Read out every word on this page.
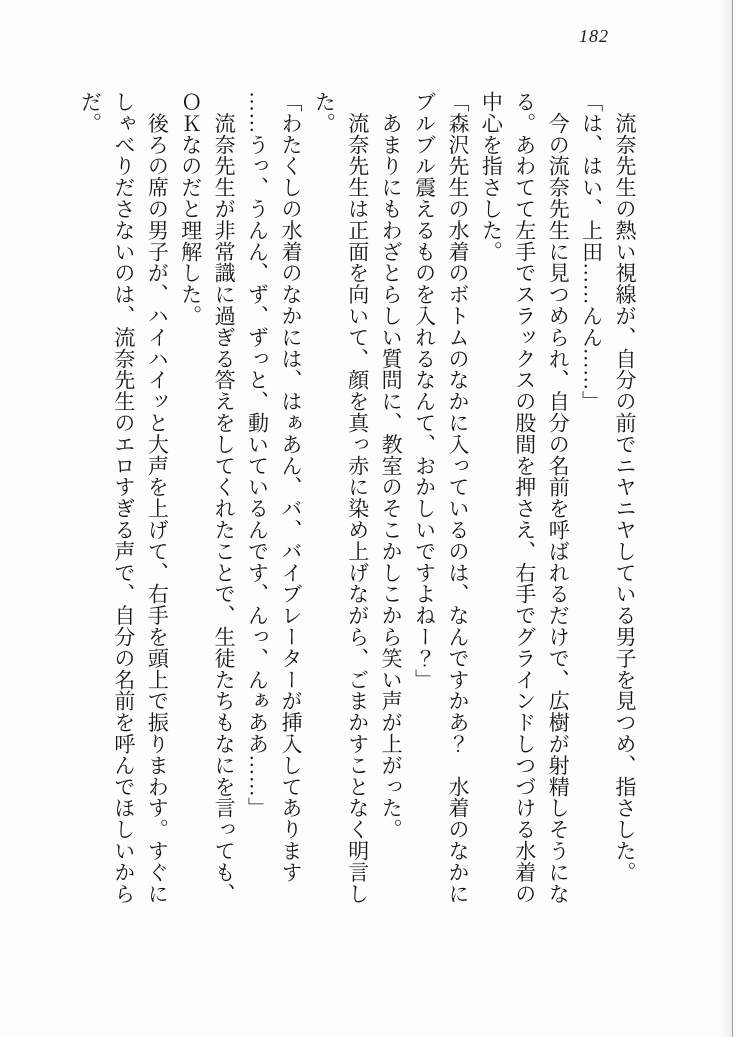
182

　流奈先生の熱い視線が、自分の前でニヤニヤしている男子を見つめ、指さした。

「は、はい、上田……んん……」

　今の流奈先生に見つめられ、自分の名前を呼ばれるだけで、広樹が射精しそうにな

る。あわてて左手でスラックスの股間を押さえ、右手でグラインドしつづける水着の

中心を指さした。

「森沢先生の水着のボトムのなかに入っているのは、なんですかあ？　水着のなかに

ブルブル震えるものを入れるなんて、おかしいですよねー？」

　あまりにもわざとらしい質問に、教室のそこかしこから笑い声が上がった。

　流奈先生は正面を向いて、顔を真っ赤に染め上げながら、ごまかすことなく明言し

た。

「わたくしの水着のなかには、はぁあん、バ、バイブレーターが挿入してあります

……うっ、うんん、ず、ずっと、動いているんです、んっ、んぁああ……」

　流奈先生が非常識に過ぎる答えをしてくれたことで、生徒たちもなにを言っても、

ＯＫなのだと理解した。

　後ろの席の男子が、ハイハイッと大声を上げて、右手を頭上で振りまわす。すぐに

しゃべりださないのは、流奈先生のエロすぎる声で、自分の名前を呼んでほしいから

だ。
